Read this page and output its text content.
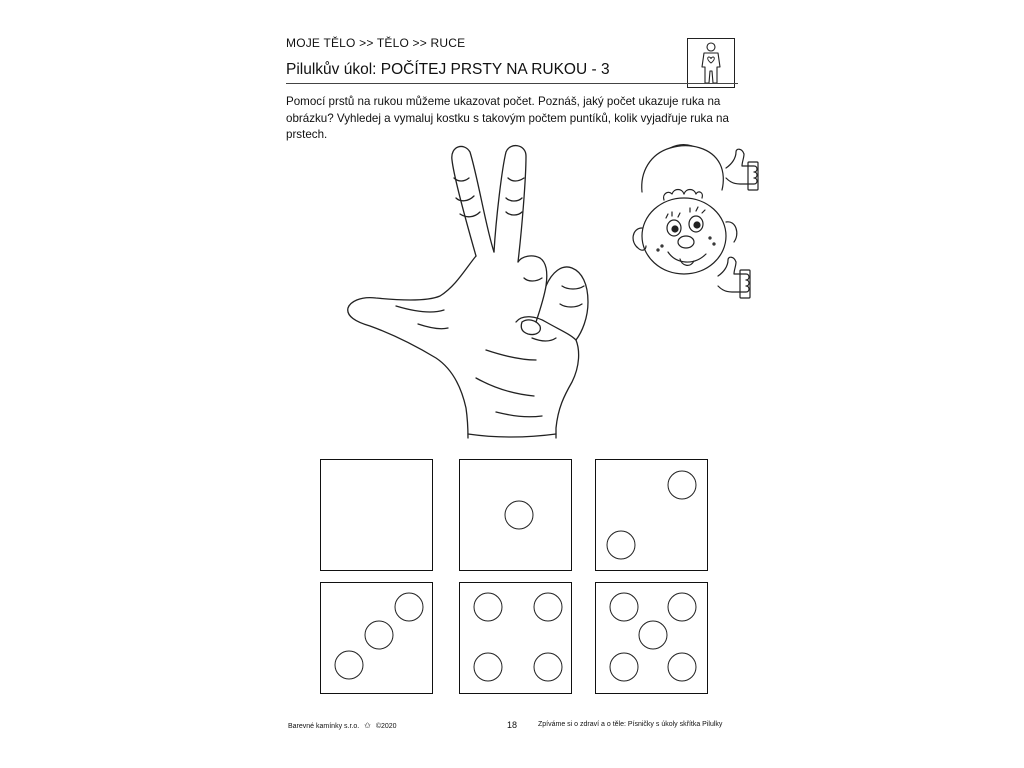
MOJE TĚLO >> TĚLO >> RUCE
Pilulkův úkol: POČÍTEJ PRSTY NA RUKOU - 3
Pomocí prstů na rukou můžeme ukazovat počet. Poznáš, jaký počet ukazuje ruka na obrázku? Vyhledej a vymaluj kostku s takovým počtem puntíků, kolik vyjadřuje ruka na prstech.
Barevné kamínky s.r.o. ✩ ©2020	18	Zpíváme si o zdraví a o těle: Písničky s úkoly skřítka Pilulky
